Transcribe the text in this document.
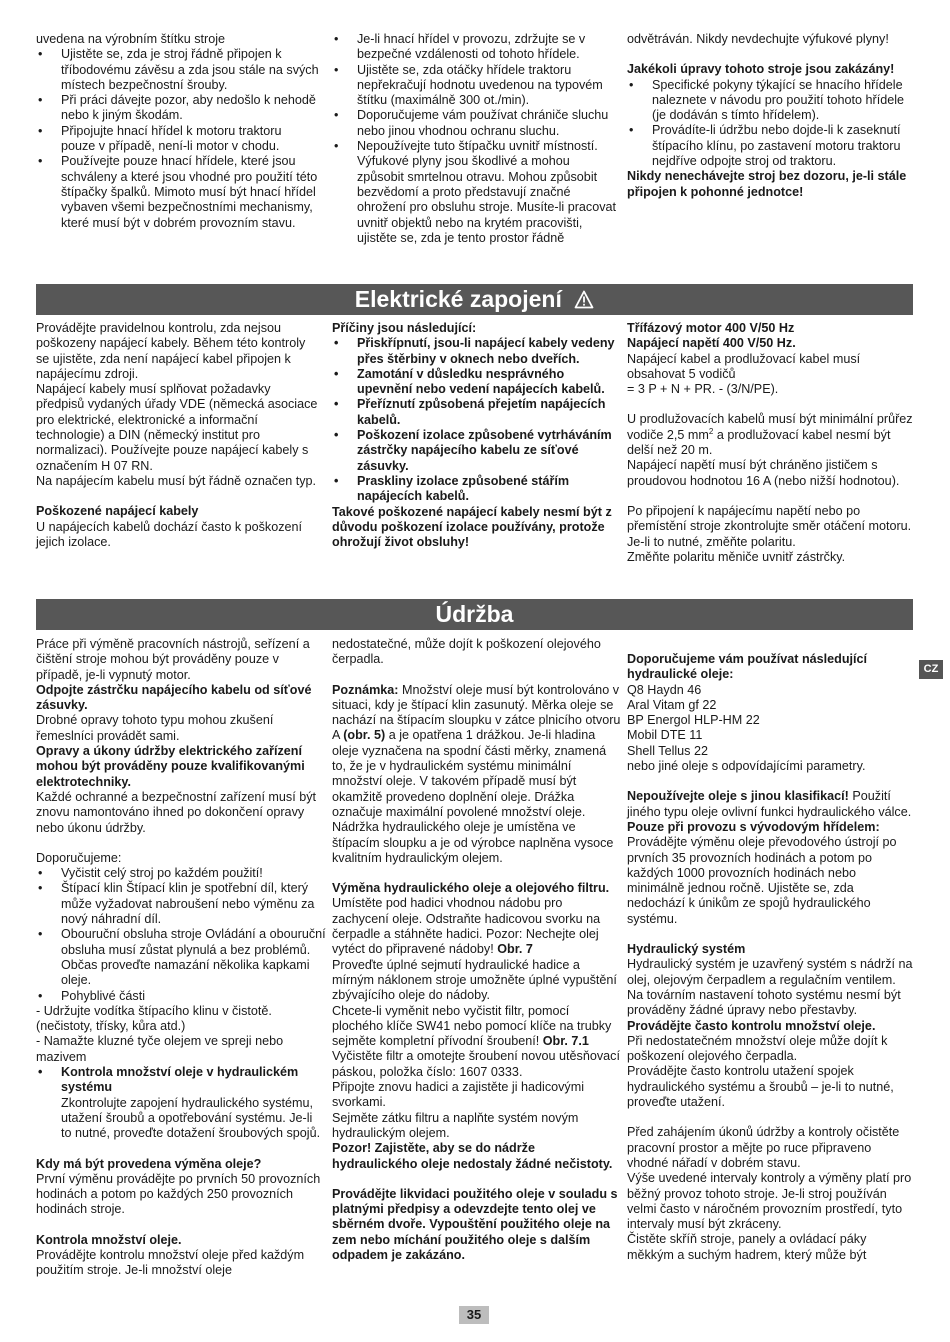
uvedena na výrobním štítku stroje

• Ujistěte se, zda je stroj řádně připojen k tříbodovému závěsu a zda jsou stále na svých místech bezpečnostní šrouby.

• Při práci dávejte pozor, aby nedošlo k nehodě nebo k jiným škodám.

• Připojujte hnací hřídel k motoru traktoru pouze v případě, není-li motor v chodu.

• Používejte pouze hnací hřídele, které jsou schváleny a které jsou vhodné pro použití této štípačky špalků. Mimoto musí být hnací hřídel vybaven všemi bezpečnostními mechanismy, které musí být v dobrém provozním stavu.

• Je-li hnací hřídel v provozu, zdržujte se v bezpečné vzdálenosti od tohoto hřídele.

• Ujistěte se, zda otáčky hřídele traktoru nepřekračují hodnotu uvedenou na typovém štítku (maximálně 300 ot./min).

• Doporučujeme vám používat chrániče sluchu nebo jinou vhodnou ochranu sluchu.

• Nepoužívejte tuto štípačku uvnitř místností. Výfukové plyny jsou škodlivé a mohou způsobit smrtelnou otravu. Mohou způsobit bezvědomí a proto představují značné ohrožení pro obsluhu stroje. Musíte-li pracovat uvnitř objektů nebo na krytém pracovišti, ujistěte se, zda je tento prostor řádně

odvětráván. Nikdy nevdechujte výfukové plyny!

Jakékoli úpravy tohoto stroje jsou zakázány!

• Specifické pokyny týkající se hnacího hřídele naleznete v návodu pro použití tohoto hřídele (je dodáván s tímto hřídelem).

• Provádíte-li údržbu nebo dojde-li k zaseknutí štípacího klínu, po zastavení motoru traktoru nejdříve odpojte stroj od traktoru.

Nikdy nenechávejte stroj bez dozoru, je-li stále připojen k pohonné jednotce!

Elektrické zapojení

Provádějte pravidelnou kontrolu, zda nejsou poškozeny napájecí kabely. Během této kontroly se ujistěte, zda není napájecí kabel připojen k napájecímu zdroji.

Napájecí kabely musí splňovat požadavky předpisů vydaných úřady VDE (německá asociace pro elektrické, elektronické a informační technologie) a DIN (německý institut pro normalizaci). Používejte pouze napájecí kabely s označením H 07 RN.

Na napájecím kabelu musí být řádně označen typ.

Poškozené napájecí kabely

U napájecích kabelů dochází často k poškození jejich izolace.

Příčiny jsou následující:

• Přiskřípnutí, jsou-li napájecí kabely vedeny přes štěrbiny v oknech nebo dveřích.

• Zamotání v důsledku nesprávného upevnění nebo vedení napájecích kabelů.

• Přeříznutí způsobená přejetím napájecích kabelů.

• Poškození izolace způsobené vytrháváním zástrčky napájecího kabelu ze síťové zásuvky.

• Praskliny izolace způsobené stářím napájecích kabelů.

Takové poškozené napájecí kabely nesmí být z důvodu poškození izolace používány, protože ohrožují život obsluhy!

Třífázový motor 400 V/50 Hz

Napájecí napětí 400 V/50 Hz.

Napájecí kabel a prodlužovací kabel musí obsahovat 5 vodičů

= 3 P + N + PR. - (3/N/PE).

U prodlužovacích kabelů musí být minimální průřez vodiče 2,5 $mm^2$ a prodlužovací kabel nesmí být delší než 20 m.

Napájecí napětí musí být chráněno jističem s proudovou hodnotou 16 A (nebo nižší hodnotou).

Po připojení k napájecímu napětí nebo po přemístění stroje zkontrolujte směr otáčení motoru. Je-li to nutné, změňte polaritu.

Změňte polaritu měniče uvnitř zástrčky.

Údržba

Práce při výměně pracovních nástrojů, seřízení a čištění stroje mohou být prováděny pouze v případě, je-li vypnutý motor.

Odpojte zástrčku napájecího kabelu od síťové zásuvky.

Drobné opravy tohoto typu mohou zkušení řemeslníci provádět sami.

Opravy a úkony údržby elektrického zařízení mohou být prováděny pouze kvalifikovanými elektrotechniky.

Každé ochranné a bezpečnostní zařízení musí být znovu namontováno ihned po dokončení opravy nebo úkonu údržby.

Doporučujeme:

• Vyčistit celý stroj po každém použití!

• Štípací klin Štípací klin je spotřební díl, který může vyžadovat nabroušení nebo výměnu za nový náhradní díl.

• Obouruční obsluha stroje Ovládání a obouruční obsluha musí zůstat plynulá a bez problémů. Občas proveďte namazání několika kapkami oleje.

• Pohyblivé části

- Udržujte vodítka štípacího klinu v čistotě. (nečistoty, třísky, kůra atd.)

- Namažte kluzné tyče olejem ve spreji nebo mazivem

• Kontrola množství oleje v hydraulickém systému

Zkontrolujte zapojení hydraulického systému, utažení šroubů a opotřebování systému. Je-li to nutné, proveďte dotažení šroubových spojů.

Kdy má být provedena výměna oleje?

První výměnu provádějte po prvních 50 provozních hodinách a potom po každých 250 provozních hodinách stroje.

Kontrola množství oleje.

Provádějte kontrolu množství oleje před každým použitím stroje. Je-li množství oleje

nedostatečné, může dojít k poškození olejového čerpadla.

Poznámka: Množství oleje musí být kontrolováno v situaci, kdy je štípací klin zasunutý. Měrka oleje se nachází na štípacím sloupku v zátce plnicího otvoru A (obr. 5) a je opatřena 1 drážkou. Je-li hladina oleje vyznačena na spodní části měrky, znamená to, že je v hydraulickém systému minimální množství oleje. V takovém případě musí být okamžitě provedeno doplnění oleje. Drážka označuje maximální povolené množství oleje. Nádržka hydraulického oleje je umístěna ve štípacím sloupku a je od výrobce naplněna vysoce kvalitním hydraulickým olejem.

Výměna hydraulického oleje a olejového filtru.

Umístěte pod hadici vhodnou nádobu pro zachycení oleje. Odstraňte hadicovou svorku na čerpadle a stáhněte hadici. Pozor: Nechejte olej vytéct do připravené nádoby! Obr. 7

Proveďte úplné sejmutí hydraulické hadice a mírným náklonem stroje umožněte úplné vypuštění zbývajícího oleje do nádoby.

Chcete-li vyměnit nebo vyčistit filtr, pomocí plochého klíče SW41 nebo pomocí klíče na trubky sejměte kompletní přívodní šroubení! Obr. 7.1

Vyčistěte filtr a omotejte šroubení novou utěsňovací páskou, položka číslo: 1607 0333.

Připojte znovu hadici a zajistěte ji hadicovými svorkami.

Sejměte zátku filtru a naplňte systém novým hydraulickým olejem.

Pozor! Zajistěte, aby se do nádrže hydraulického oleje nedostaly žádné nečistoty.

Provádějte likvidaci použitého oleje v souladu s platnými předpisy a odevzdejte tento olej ve sběrném dvoře. Vypouštění použitého oleje na zem nebo míchání použitého oleje s dalším odpadem je zakázáno.

Doporučujeme vám používat následující hydraulické oleje:

Q8 Haydn 46

Aral Vitam gf 22

BP Energol HLP-HM 22

Mobil DTE 11

Shell Tellus 22

nebo jiné oleje s odpovídajícími parametry.

Nepoužívejte oleje s jinou klasifikací! Použití jiného typu oleje ovlivní funkci hydraulického válce.

Pouze při provozu s vývodovým hřídelem:

Provádějte výměnu oleje převodového ústrojí po prvních 35 provozních hodinách a potom po každých 1000 provozních hodinách nebo minimálně jednou ročně. Ujistěte se, zda nedochází k únikům ze spojů hydraulického systému.

Hydraulický systém

Hydraulický systém je uzavřený systém s nádrží na olej, olejovým čerpadlem a regulačním ventilem.

Na továrním nastavení tohoto systému nesmí být prováděny žádné úpravy nebo přestavby.

Provádějte často kontrolu množství oleje.

Při nedostatečném množství oleje může dojít k poškození olejového čerpadla.

Provádějte často kontrolu utažení spojek hydraulického systému a šroubů – je-li to nutné, proveďte utažení.

Před zahájením úkonů údržby a kontroly očistěte pracovní prostor a mějte po ruce připraveno vhodné nářadí v dobrém stavu.

Výše uvedené intervaly kontroly a výměny platí pro běžný provoz tohoto stroje. Je-li stroj používán velmi často v náročném provozním prostředí, tyto intervaly musí být zkráceny.

Čistěte skříň stroje, panely a ovládací páky měkkým a suchým hadrem, který může být

CZ
35
